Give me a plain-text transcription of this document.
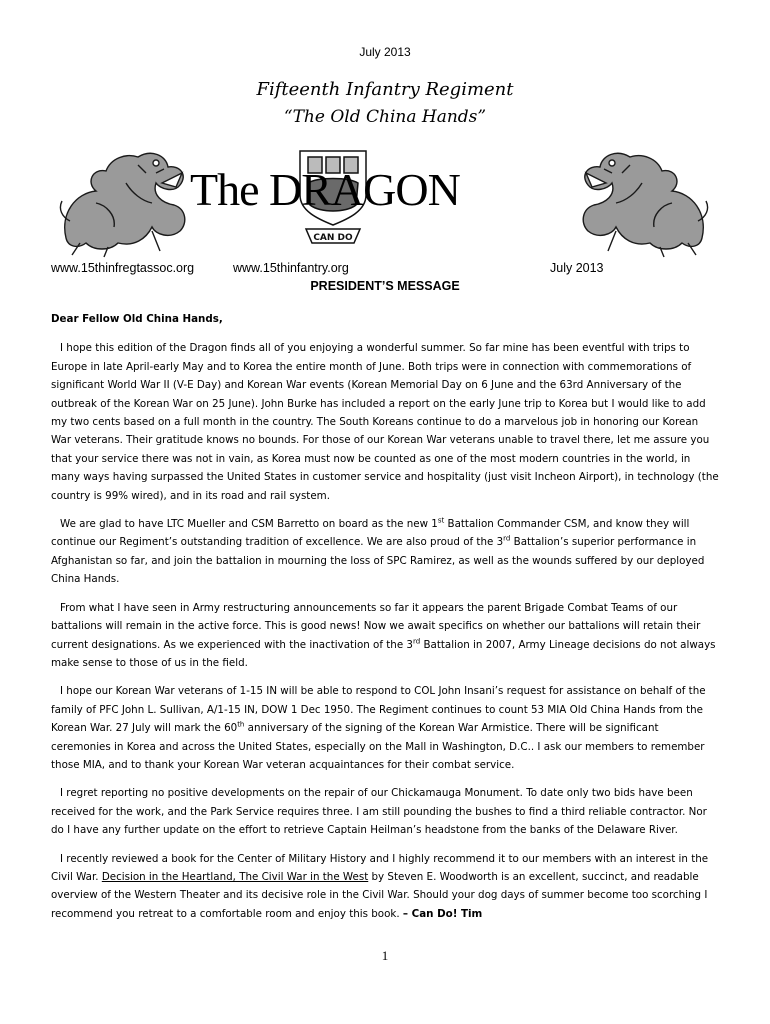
July 2013
Fifteenth Infantry Regiment
“The Old China Hands”
CAN DO
The DRAGON
www.15thinfregtassoc.org	www.15thinfantry.org	July 2013
PRESIDENT’S MESSAGE

Dear Fellow Old China Hands,

I hope this edition of the Dragon finds all of you enjoying a wonderful summer. So far mine has been eventful with trips to Europe in late April-early May and to Korea the entire month of June. Both trips were in connection with commemorations of significant World War II (V-E Day) and Korean War events (Korean Memorial Day on 6 June and the 63rd Anniversary of the outbreak of the Korean War on 25 June). John Burke has included a report on the early June trip to Korea but I would like to add my two cents based on a full month in the country. The South Koreans continue to do a marvelous job in honoring our Korean War veterans. Their gratitude knows no bounds. For those of our Korean War veterans unable to travel there, let me assure you that your service there was not in vain, as Korea must now be counted as one of the most modern countries in the world, in many ways having surpassed the United States in customer service and hospitality (just visit Incheon Airport), in technology (the country is 99% wired), and in its road and rail system.

We are glad to have LTC Mueller and CSM Barretto on board as the new 1st Battalion Commander CSM, and know they will continue our Regiment’s outstanding tradition of excellence. We are also proud of the 3rd Battalion’s superior performance in Afghanistan so far, and join the battalion in mourning the loss of SPC Ramirez, as well as the wounds suffered by our deployed China Hands.

From what I have seen in Army restructuring announcements so far it appears the parent Brigade Combat Teams of our battalions will remain in the active force. This is good news! Now we await specifics on whether our battalions will retain their current designations. As we experienced with the inactivation of the 3rd Battalion in 2007, Army Lineage decisions do not always make sense to those of us in the field.

I hope our Korean War veterans of 1-15 IN will be able to respond to COL John Insani’s request for assistance on behalf of the family of PFC John L. Sullivan, A/1-15 IN, DOW 1 Dec 1950. The Regiment continues to count 53 MIA Old China Hands from the Korean War. 27 July will mark the 60th anniversary of the signing of the Korean War Armistice. There will be significant ceremonies in Korea and across the United States, especially on the Mall in Washington, D.C.. I ask our members to remember those MIA, and to thank your Korean War veteran acquaintances for their combat service.

I regret reporting no positive developments on the repair of our Chickamauga Monument. To date only two bids have been received for the work, and the Park Service requires three. I am still pounding the bushes to find a third reliable contractor. Nor do I have any further update on the effort to retrieve Captain Heilman’s headstone from the banks of the Delaware River.

I recently reviewed a book for the Center of Military History and I highly recommend it to our members with an interest in the Civil War. Decision in the Heartland, The Civil War in the West by Steven E. Woodworth is an excellent, succinct, and readable overview of the Western Theater and its decisive role in the Civil War. Should your dog days of summer become too scorching I recommend you retreat to a comfortable room and enjoy this book. – Can Do! Tim

1
